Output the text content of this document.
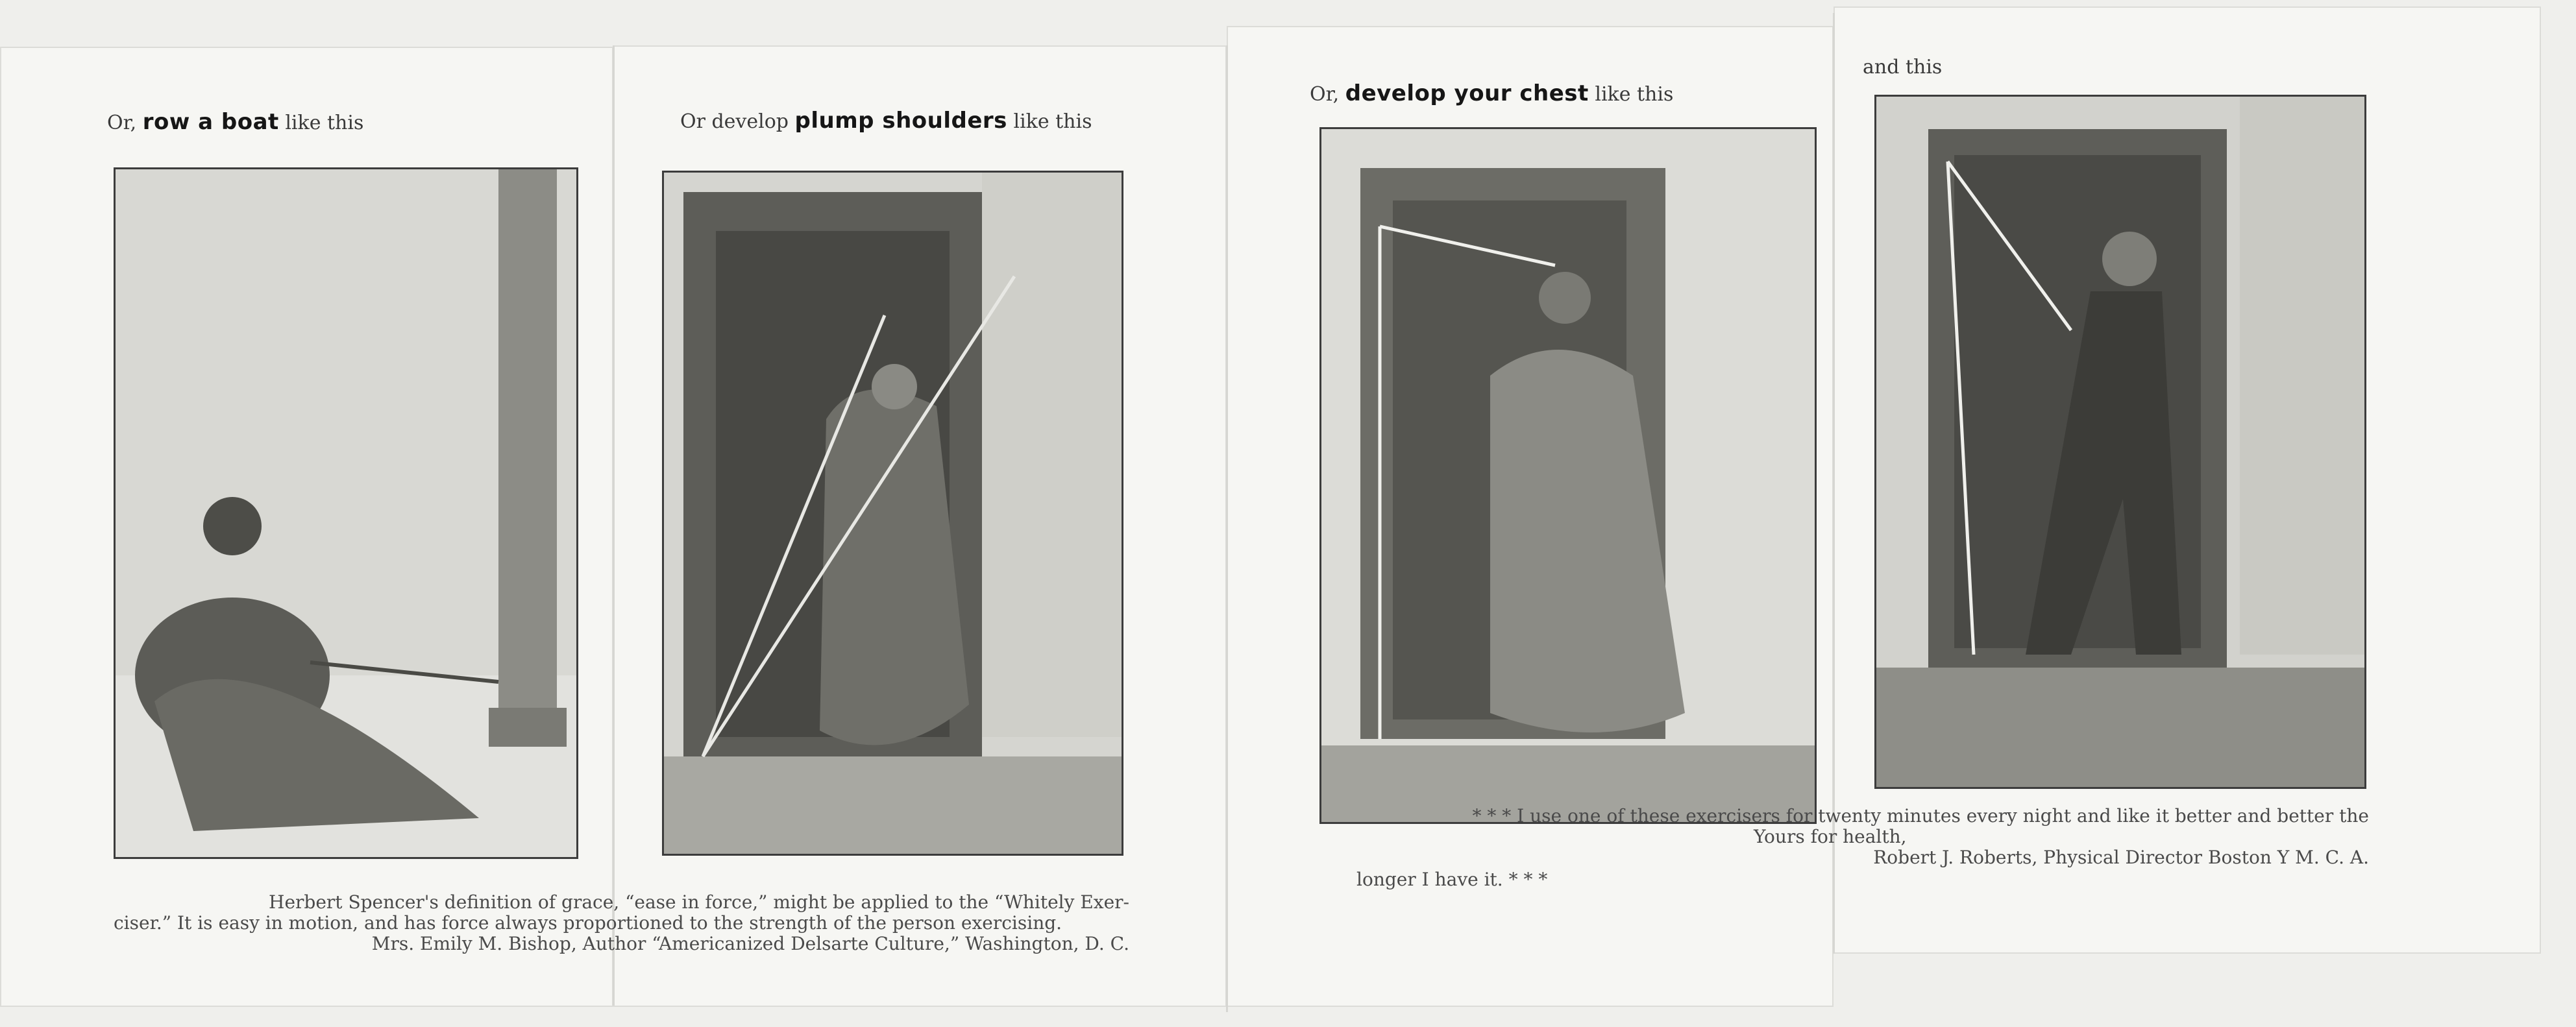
Or, row a boat like this	Or develop plump shoulders like this
Or, develop your chest like this
and this
Herbert Spencer's definition of grace, “ease in force,” might be applied to the “Whitely Exer-
ciser.” It is easy in motion, and has force always proportioned to the strength of the person exercising.
Mrs. Emily M. Bishop, Author “Americanized Delsarte Culture,” Washington, D. C.
* * * I use one of these exercisers for twenty minutes every night and like it better and better the
Yours for health,
Robert J. Roberts, Physical Director Boston Y M. C. A.
longer I have it. * * *
